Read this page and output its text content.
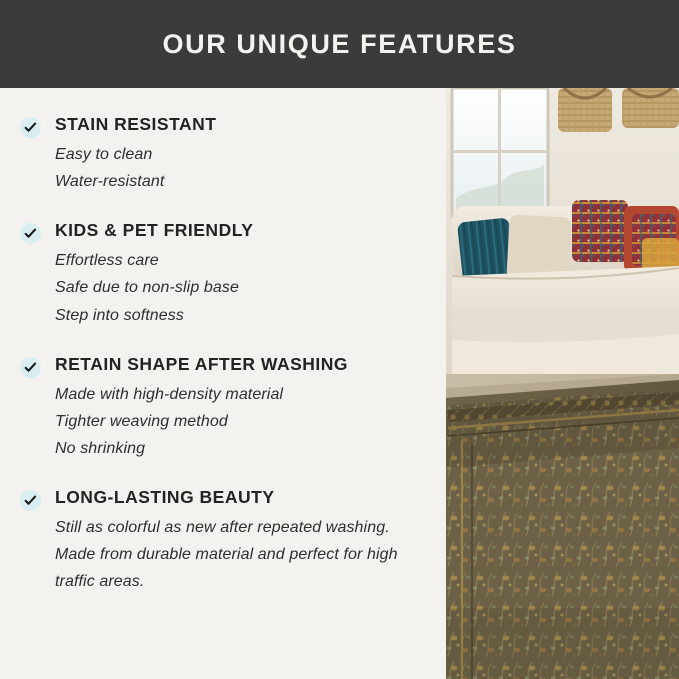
OUR UNIQUE FEATURES
STAIN RESISTANT
Easy to clean
Water-resistant
KIDS & PET FRIENDLY
Effortless care
Safe due to non-slip base
Step into softness
RETAIN SHAPE AFTER WASHING
Made with high-density material
Tighter weaving method
No shrinking
LONG-LASTING BEAUTY
Still as colorful as new after repeated washing. Made from durable material and perfect for high traffic areas.
